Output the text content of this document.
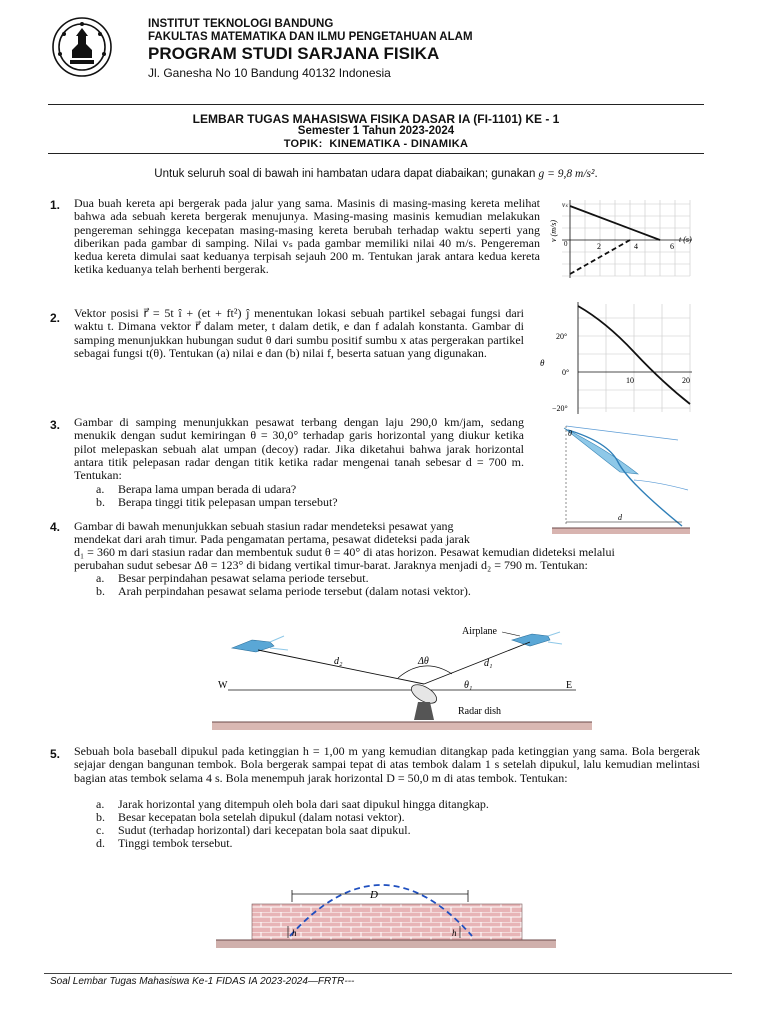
INSTITUT TEKNOLOGI BANDUNG
FAKULTAS MATEMATIKA DAN ILMU PENGETAHUAN ALAM
PROGRAM STUDI SARJANA FISIKA
Jl. Ganesha No 10 Bandung 40132 Indonesia
LEMBAR TUGAS MAHASISWA FISIKA DASAR IA (FI-1101) KE - 1
Semester 1 Tahun 2023-2024
TOPIK: KINEMATIKA - DINAMIKA
Untuk seluruh soal di bawah ini hambatan udara dapat diabaikan; gunakan g = 9,8 m/s².
1. Dua buah kereta api bergerak pada jalur yang sama. Masinis di masing-masing kereta melihat bahwa ada sebuah kereta bergerak menujunya. Masing-masing masinis kemudian melakukan pengereman sehingga kecepatan masing-masing kereta berubah terhadap waktu seperti yang diberikan pada gambar di samping. Nilai vₛ pada gambar memiliki nilai 40 m/s. Pengereman kedua kereta dimulai saat keduanya terpisah sejauh 200 m. Tentukan jarak antara kedua kereta ketika keduanya telah berhenti bergerak.
v (m/s)
vₛ
0	2	4	6
t (s)
2. Vektor posisi r⃗ = 5t î + (et + ft²) ĵ menentukan lokasi sebuah partikel sebagai fungsi dari waktu t. Dimana vektor r⃗ dalam meter, t dalam detik, e dan f adalah konstanta. Gambar di samping menunjukkan hubungan sudut θ dari sumbu positif sumbu x atas pergerakan partikel sebagai fungsi t(θ). Tentukan (a) nilai e dan (b) nilai f, beserta satuan yang digunakan.
θ
20°
0°
−20°
10	20
3. Gambar di samping menunjukkan pesawat terbang dengan laju 290,0 km/jam, sedang menukik dengan sudut kemiringan θ = 30,0° terhadap garis horizontal yang diukur ketika pilot melepaskan sebuah alat umpan (decoy) radar. Jika diketahui bahwa jarak horizontal antara titik pelepasan radar dengan titik ketika radar mengenai tanah sebesar d = 700 m. Tentukan:
a. Berapa lama umpan berada di udara?
b. Berapa tinggi titik pelepasan umpan tersebut?
θ
d
4. Gambar di bawah menunjukkan sebuah stasiun radar mendeteksi pesawat yang
mendekat dari arah timur. Pada pengamatan pertama, pesawat dideteksi pada jarak
d₁ = 360 m dari stasiun radar dan membentuk sudut θ = 40° di atas horizon. Pesawat kemudian dideteksi melalui
perubahan sudut sebesar Δθ = 123° di bidang vertikal timur-barat. Jaraknya menjadi d₂ = 790 m. Tentukan:
a. Besar perpindahan pesawat selama periode tersebut.
b. Arah perpindahan pesawat selama periode tersebut (dalam notasi vektor).
Airplane
d₂	d₁
Δθ
θ₁
W	E
Radar dish
5. Sebuah bola baseball dipukul pada ketinggian h = 1,00 m yang kemudian ditangkap pada ketinggian yang sama. Bola bergerak sejajar dengan bangunan tembok. Bola bergerak sampai tepat di atas tembok dalam 1 s setelah dipukul, lalu kemudian melintasi bagian atas tembok selama 4 s. Bola menempuh jarak horizontal D = 50,0 m di atas tembok. Tentukan:
a. Jarak horizontal yang ditempuh oleh bola dari saat dipukul hingga ditangkap.
b. Besar kecepatan bola setelah dipukul (dalam notasi vektor).
c. Sudut (terhadap horizontal) dari kecepatan bola saat dipukul.
d. Tinggi tembok tersebut.
D
h	h
Soal Lembar Tugas Mahasiswa Ke-1 FIDAS IA 2023-2024—FRTR---
